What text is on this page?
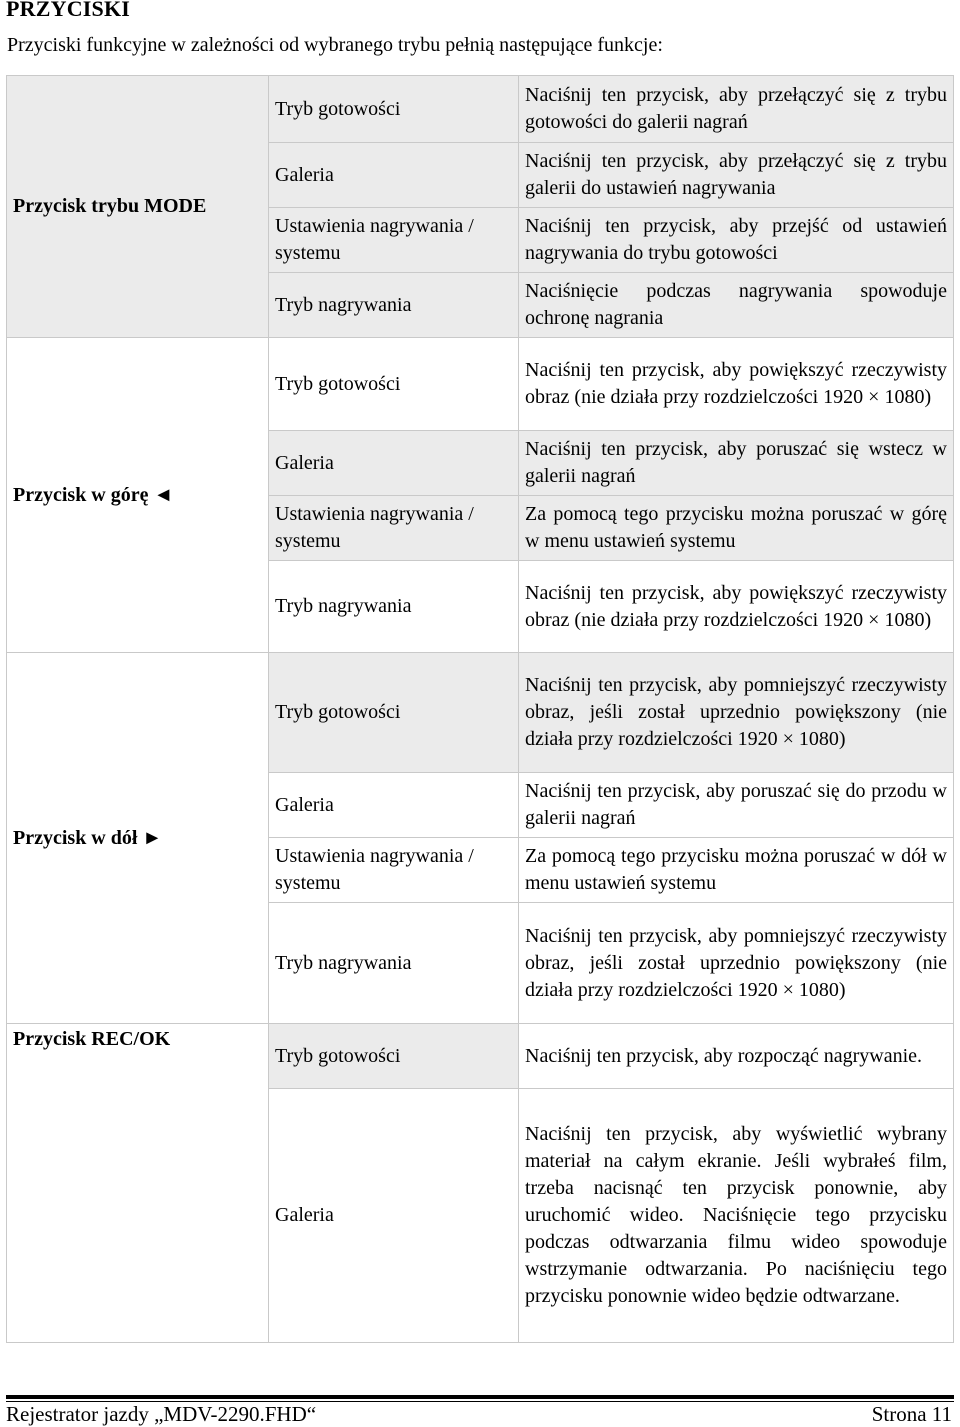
PRZYCISKI
Przyciski funkcyjne w zależności od wybranego trybu pełnią następujące funkcje:
Przycisk trybu MODE	Tryb gotowości	Naciśnij ten przycisk, aby przełączyć się z trybu gotowości do galerii nagrań
	Galeria	Naciśnij ten przycisk, aby przełączyć się z trybu galerii do ustawień nagrywania
	Ustawienia nagrywania / systemu	Naciśnij ten przycisk, aby przejść od ustawień nagrywania do trybu gotowości
	Tryb nagrywania	Naciśnięcie podczas nagrywania spowoduje ochronę nagrania
Przycisk w górę ◄	Tryb gotowości	Naciśnij ten przycisk, aby powiększyć rzeczywisty obraz (nie działa przy rozdzielczości 1920 × 1080)
	Galeria	Naciśnij ten przycisk, aby poruszać się wstecz w galerii nagrań
	Ustawienia nagrywania / systemu	Za pomocą tego przycisku można poruszać w górę w menu ustawień systemu
	Tryb nagrywania	Naciśnij ten przycisk, aby powiększyć rzeczywisty obraz (nie działa przy rozdzielczości 1920 × 1080)
Przycisk w dół ►	Tryb gotowości	Naciśnij ten przycisk, aby pomniejszyć rzeczywisty obraz, jeśli został uprzednio powiększony (nie działa przy rozdzielczości 1920 × 1080)
	Galeria	Naciśnij ten przycisk, aby poruszać się do przodu w galerii nagrań
	Ustawienia nagrywania / systemu	Za pomocą tego przycisku można poruszać w dół w menu ustawień systemu
	Tryb nagrywania	Naciśnij ten przycisk, aby pomniejszyć rzeczywisty obraz, jeśli został uprzednio powiększony (nie działa przy rozdzielczości 1920 × 1080)
Przycisk REC/OK	Tryb gotowości	Naciśnij ten przycisk, aby rozpocząć nagrywanie.
	Galeria	Naciśnij ten przycisk, aby wyświetlić wybrany materiał na całym ekranie. Jeśli wybrałeś film, trzeba nacisnąć ten przycisk ponownie, aby uruchomić wideo. Naciśnięcie tego przycisku podczas odtwarzania filmu wideo spowoduje wstrzymanie odtwarzania. Po naciśnięciu tego przycisku ponownie wideo będzie odtwarzane.
Rejestrator jazdy „MDV-2290.FHD“	Strona 11
